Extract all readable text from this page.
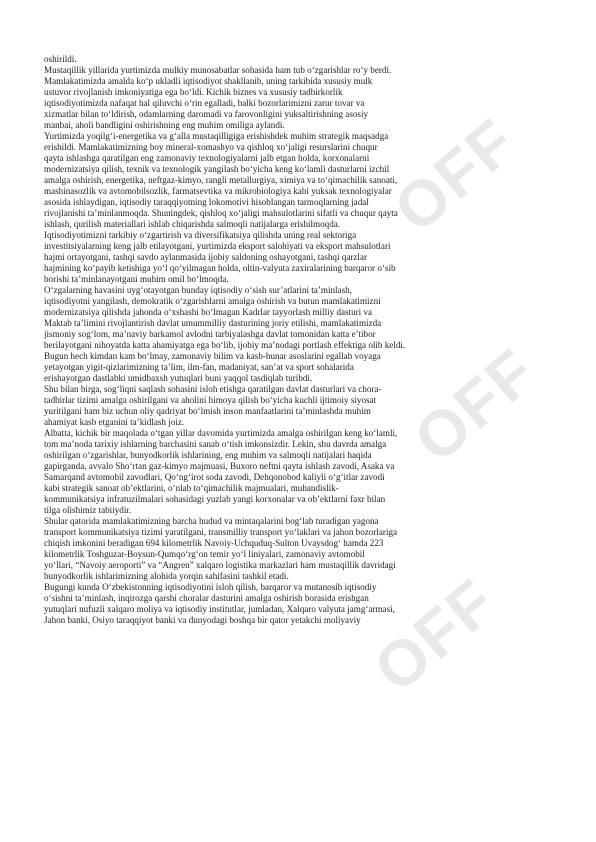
OFF
OFF
OFF
oshirildi.
Mustaqillik yillarida yurtimizda mulkiy munosabatlar sohasida ham tub o‘zgarishlar ro‘y berdi.
Mamlakatimizda amalda ko‘p ukladli iqtisodiyot shakllanib, uning tarkibida xususiy mulk
ustuvor rivojlanish imkoniyatiga ega bo‘ldi. Kichik biznes va xususiy tadbirkorlik
iqtisodiyotimizda nafaqat hal qiluvchi o‘rin egalladi, balki bozorlarimizni zarur tovar va
xizmatlar bilan to‘ldirish, odamlarning daromadi va farovonligini yuksaltirishning asosiy
manbai, aholi bandligini oshirishning eng muhim omiliga aylandi.
Yurtimizda yoqilg‘i-energetika va g‘alla mustaqilligiga erishishdek muhim strategik maqsadga
erishildi. Mamlakatimizning boy mineral-xomashyo va qishloq xo‘jaligi resurslarini chuqur
qayta ishlashga qaratilgan eng zamonaviy texnologiyalarni jalb etgan holda, korxonalarni
modernizatsiya qilish, texnik va texnologik yangilash bo‘yicha keng ko‘lamli dasturlarni izchil
amalga oshirish, energetika, neftgaz-kimyo, rangli metallurgiya, ximiya va to‘qimachilik sanoati,
mashinasozlik va avtomobilsozlik, farmatsevtika va mikrobiologiya kabi yuksak texnologiyalar
asosida ishlaydigan, iqtisodiy taraqqiyotning lokomotivi hisoblangan tarmoqlarning jadal
rivojlanishi ta’minlanmoqda. Shuningdek, qishloq xo‘jaligi mahsulotlarini sifatli va chuqur qayta
ishlash, qurilish materiallari ishlab chiqarishda salmoqli natijalarga erishilmoqda.
Iqtisodiyotimizni tarkibiy o‘zgartirish va diversifikatsiya qilishda uning real sektoriga
investitsiyalarning keng jalb etilayotgani, yurtimizda eksport salohiyati va eksport mahsulotlari
hajmi ortayotgani, tashqi savdo aylanmasida ijobiy saldoning oshayotgani, tashqi qarzlar
hajmining ko‘payib ketishiga yo‘l qo‘yilmagan holda, oltin-valyuta zaxiralarining barqaror o‘sib
borishi ta’minlanayotgani muhim omil bo‘lmoqda.
O‘zgalarning havasini uyg‘otayotgan bunday iqtisodiy o‘sish sur’atlarini ta’minlash,
iqtisodiyotni yangilash, demokratik o‘zgarishlarni amalga oshirish va butun mamlakatimizni
modernizatsiya qilishda jahonda o‘xshashi bo‘lmagan Kadrlar tayyorlash milliy dasturi va
Maktab ta’limini rivojlantirish davlat umummilliy dasturining joriy etilishi, mamlakatimizda
jismoniy sog‘lom, ma’naviy barkamol avlodni tarbiyalashga davlat tomonidan katta e’tibor
berilayotgani nihoyatda katta ahamiyatga ega bo‘lib, ijobiy ma’nodagi portlash effektiga olib keldi.
Bugun hech kimdan kam bo‘lmay, zamonaviy bilim va kasb-hunar asoslarini egallab voyaga
yetayotgan yigit-qizlarimizning ta’lim, ilm-fan, madaniyat, san’at va sport sohalarida
erishayotgan dastlabki umidbaxsh yutuqlari buni yaqqol tasdiqlab turibdi.
Shu bilan birga, sog‘liqni saqlash sohasini isloh etishga qaratilgan davlat dasturlari va chora-
tadbirlar tizimi amalga oshirilgani va aholini himoya qilish bo‘yicha kuchli ijtimoiy siyosat
yuritilgani ham biz uchun oliy qadriyat bo‘lmish inson manfaatlarini ta’minlashda muhim
ahamiyat kasb etganini ta’kidlash joiz.
Albatta, kichik bir maqolada o‘tgan yillar davomida yurtimizda amalga oshirilgan keng ko‘lamli,
tom ma’noda tarixiy ishlarning barchasini sanab o‘tish imkonsizdir. Lekin, shu davrda amalga
oshirilgan o‘zgarishlar, bunyodkorlik ishlarining, eng muhim va salmoqli natijalari haqida
gapirganda, avvalo Sho‘rtan gaz-kimyo majmuasi, Buxoro neftni qayta ishlash zavodi, Asaka va
Samarqand avtomobil zavodlari, Qo‘ng‘irot soda zavodi, Dehqonobod kaliyli o‘g‘itlar zavodi
kabi strategik sanoat ob’ektlarini, o‘nlab to‘qimachilik majmualari, muhandislik-
kommunikatsiya infratuzilmalari sohasidagi yuzlab yangi korxonalar va ob’ektlarni faxr bilan
tilga olishimiz tabiiydir.
Shular qatorida mamlakatimizning barcha hudud va mintaqalarini bog‘lab turadigan yagona
transport kommunikatsiya tizimi yaratilgani, transmilliy transport yo‘laklari va jahon bozorlariga
chiqish imkonini beradigan 694 kilometrlik Navoiy-Uchquduq-Sulton Uvaysdog‘ hamda 223
kilometrlik Toshguzar-Boysun-Qumqo‘rg‘on temir yo‘l liniyalari, zamonaviy avtomobil
yo‘llari, “Navoiy aeroporti” va “Angren” xalqaro logistika markazlari ham mustaqillik davridagi
bunyodkorlik ishlarimizning alohida yorqin sahifasini tashkil etadi.
Bugungi kunda O‘zbekistonning iqtisodiyotini isloh qilish, barqaror va mutanosib iqtisodiy
o‘sishni ta’minlash, inqirozga qarshi choralar dasturini amalga oshirish borasida erishgan
yutuqlari nufuzli xalqaro moliya va iqtisodiy institutlar, jumladan, Xalqaro valyuta jamg‘armasi,
Jahon banki, Osiyo taraqqiyot banki va dunyodagi boshqa bir qator yetakchi moliyaviy
